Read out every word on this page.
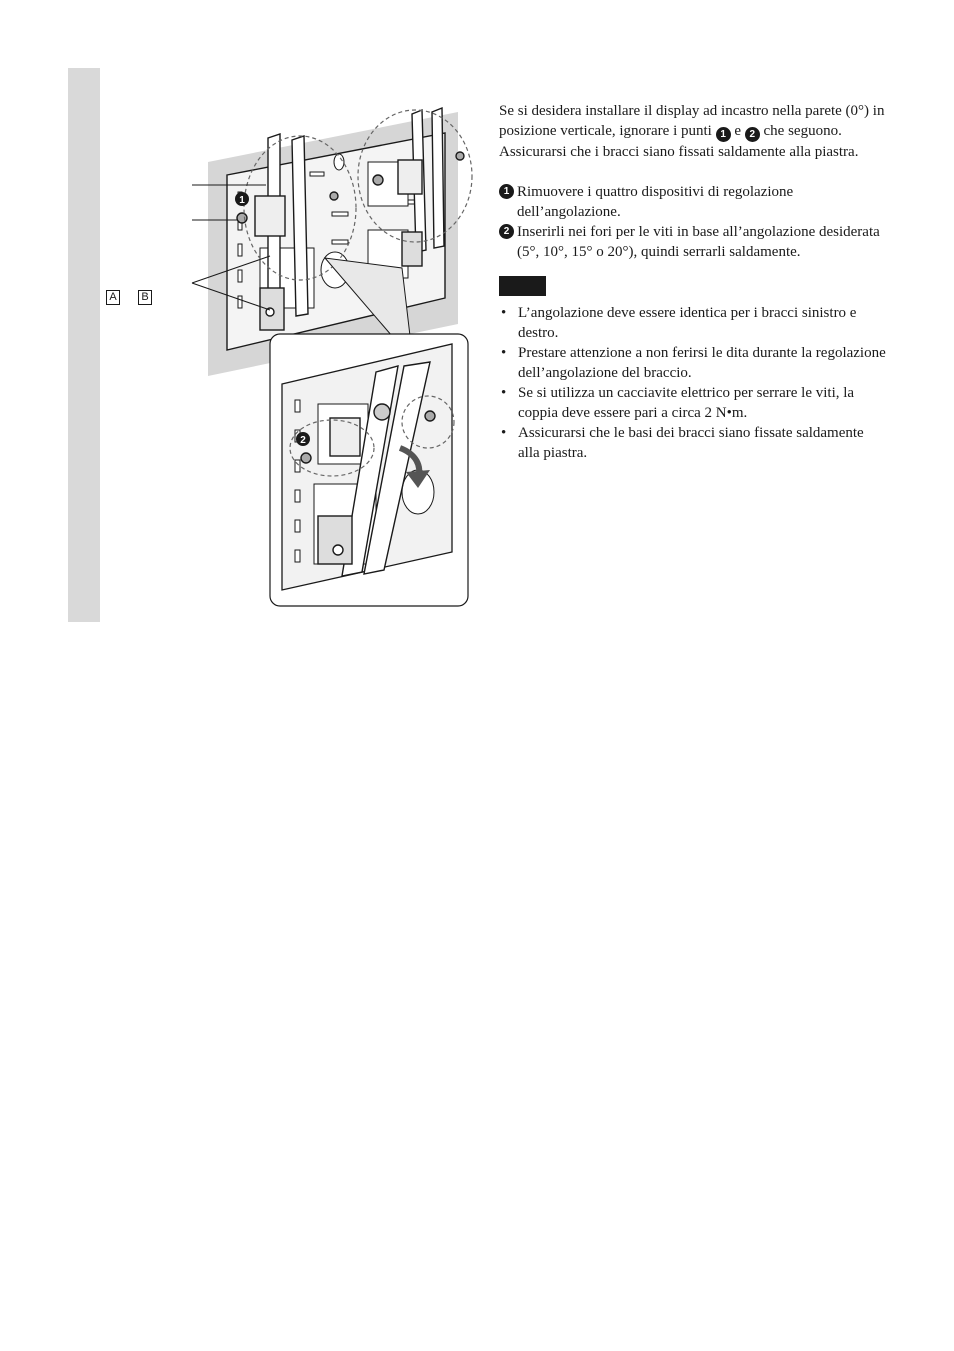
1
2
A	B

Se si desidera installare il display ad incastro nella parete (0°) in posizione verticale, ignorare i punti 1 e 2 che seguono. Assicurarsi che i bracci siano fissati saldamente alla piastra.

1 Rimuovere i quattro dispositivi di regolazione dell’angolazione.
2 Inserirli nei fori per le viti in base all’angolazione desiderata (5°, 10°, 15° o 20°), quindi serrarli saldamente.
• L’angolazione deve essere identica per i bracci sinistro e destro.
• Prestare attenzione a non ferirsi le dita durante la regolazione dell’angolazione del braccio.
• Se si utilizza un cacciavite elettrico per serrare le viti, la coppia deve essere pari a circa 2 N•m.
• Assicurarsi che le basi dei bracci siano fissate saldamente alla piastra.
